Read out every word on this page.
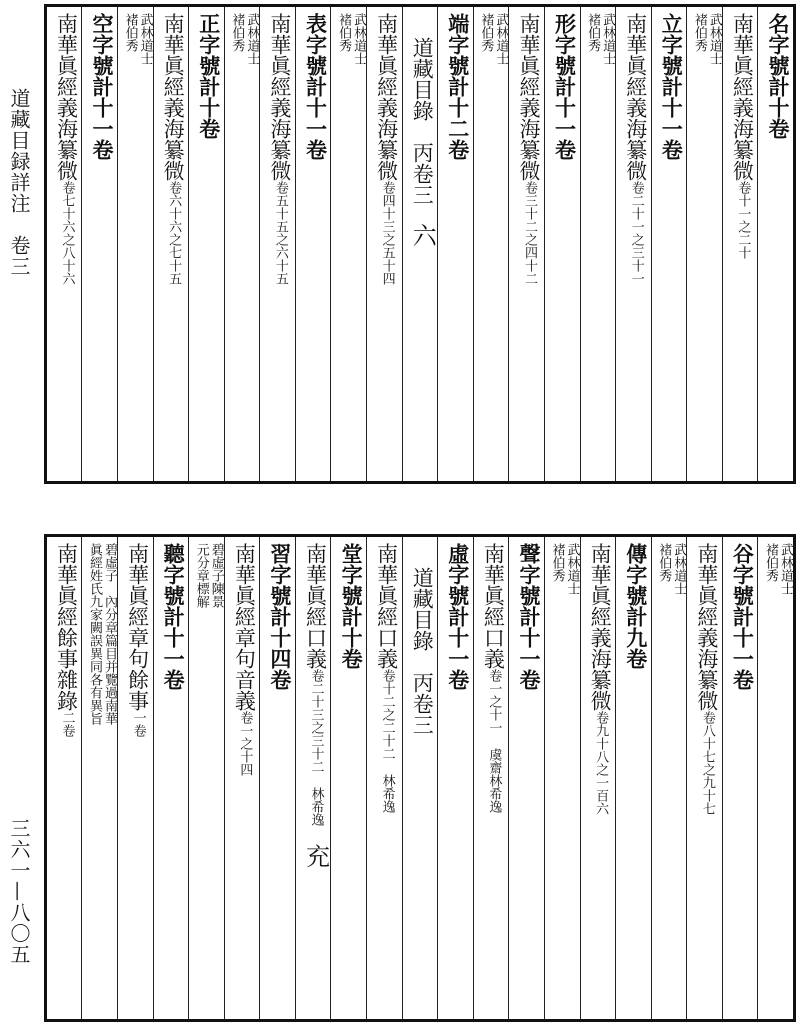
道藏目録詳注　卷三
三六一—八〇五
名字號計十卷
南華眞經義海纂微卷十一之二十
武林道士
褚伯秀
立字號計十一卷
南華眞經義海纂微卷二十一之三十一
武林道士
褚伯秀
形字號計十一卷
南華眞經義海纂微卷三十二之四十二
武林道士
褚伯秀
端字號計十二卷
道藏目錄　丙卷三六
南華眞經義海纂微卷四十三之五十四
武林道士
褚伯秀
表字號計十一卷
南華眞經義海纂微卷五十五之六十五
武林道士
褚伯秀
正字號計十卷
南華眞經義海纂微卷六十六之七十五
武林道士
褚伯秀
空字號計十一卷
南華眞經義海纂微卷七十六之八十六
武林道士
褚伯秀
谷字號計十一卷
南華眞經義海纂微卷八十七之九十七
武林道士
褚伯秀
傳字號計九卷
南華眞經義海纂微卷九十八之一百六
武林道士
褚伯秀
聲字號計十一卷
南華眞經口義卷一之十一虞齋林希逸
虛字號計十一卷
道藏目錄　丙卷三
南華眞經口義卷十二之二十二林希逸
堂字號計十卷
南華眞經口義卷二十三之三十二林希逸充
習字號計十四卷
南華眞經章句音義卷一之十四
碧虛子陳景
元分章標解
聽字號計十一卷
南華眞經章句餘事一卷
碧虛子　內分章篇目并覽過南華
眞經姓氏九家闕誤異同各有異旨
南華眞經餘事雜錄二卷
